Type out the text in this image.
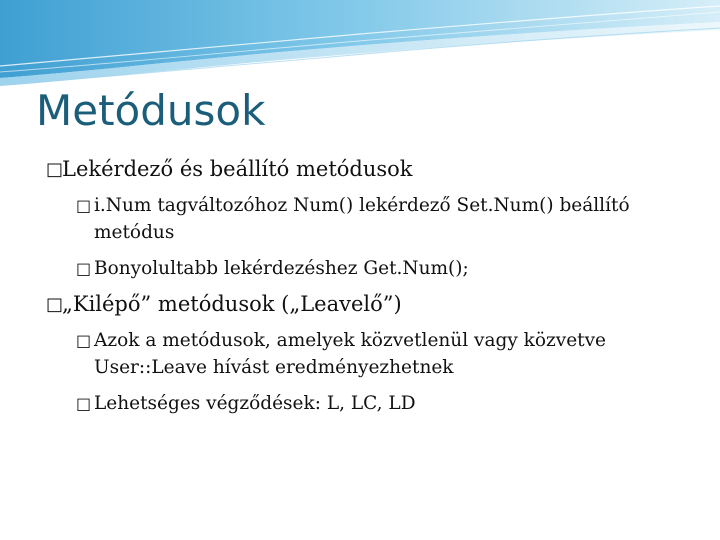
Metódusok
□
Lekérdező és beállító metódusok
□
i.Num tagváltozóhoz Num() lekérdező Set.Num() beállító metódus
□
Bonyolultabb lekérdezéshez Get.Num();
□
„Kilépő” metódusok („Leavelő”)
□
Azok a metódusok, amelyek közvetlenül vagy közvetve User::Leave hívást eredményezhetnek
□
Lehetséges végződések: L, LC, LD
